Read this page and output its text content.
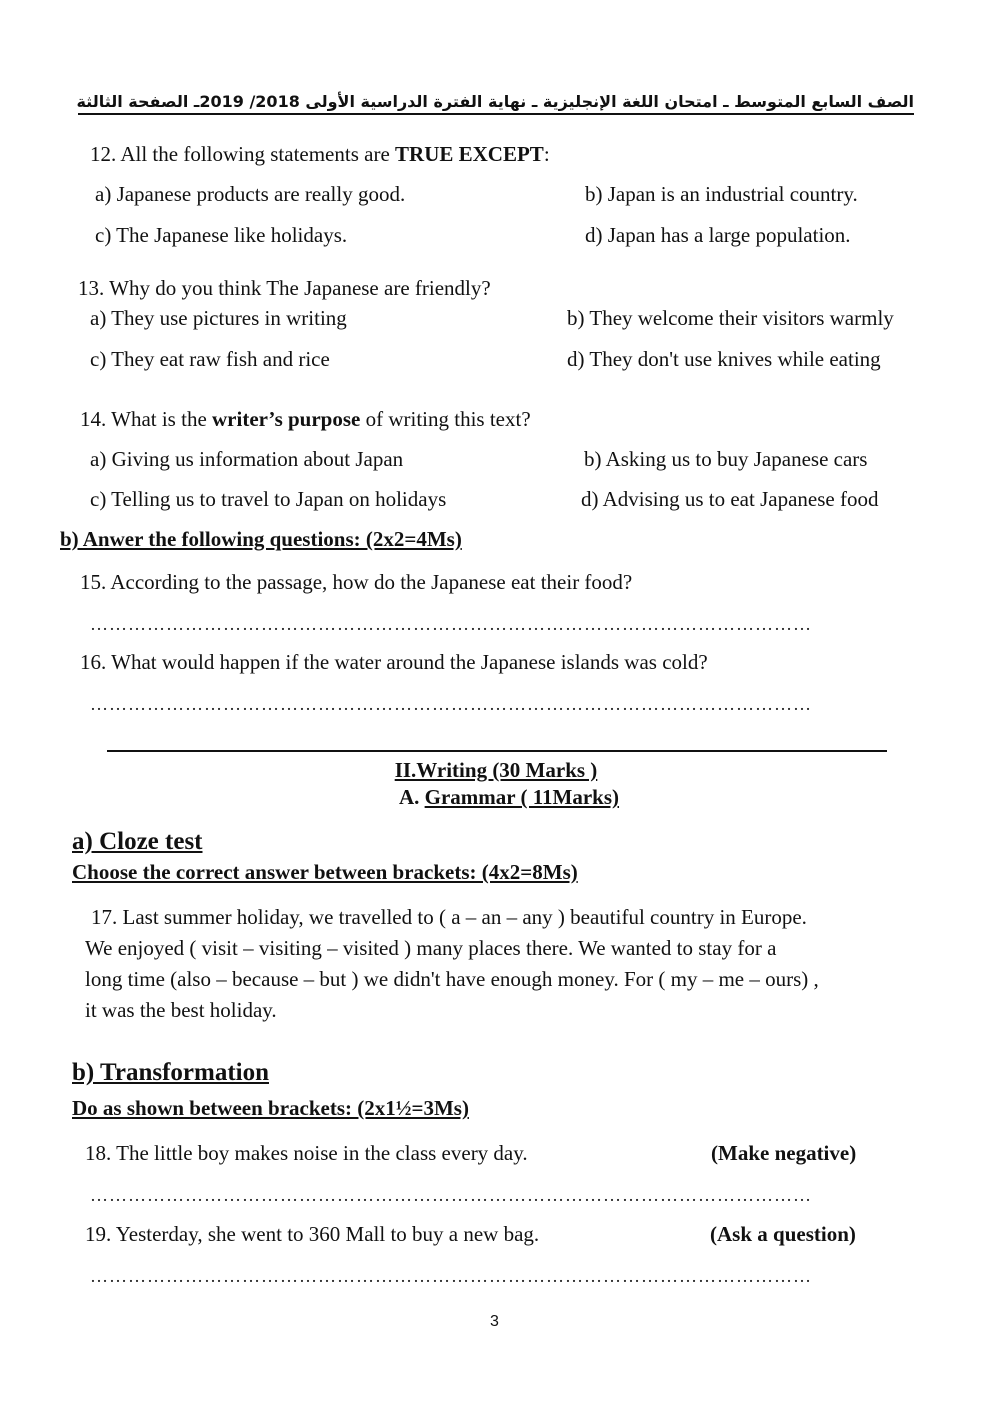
الصف السابع المتوسط ـ امتحان اللغة الإنجليزية ـ نهاية الفترة الدراسية الأولى 2018/ 2019ـ الصفحة الثالثة
12. All the following statements are TRUE EXCEPT:
a) Japanese products are really good.	b) Japan is an industrial country.
c) The Japanese like holidays.	d) Japan has a large population.
13. Why do you think The Japanese are friendly?
a) They use pictures in writing	b) They welcome their visitors warmly
c) They eat raw fish and rice	d) They don't use knives while eating
14. What is the writer’s purpose of writing this text?
a) Giving us information about Japan	b) Asking us to buy Japanese cars
c) Telling us to travel to Japan on holidays	d) Advising us to eat Japanese food
b) Anwer the following questions: (2x2=4Ms)
15. According to the passage, how do the Japanese eat their food?
……………………………………………………………………………………………………
16. What would happen if the water around the Japanese islands was cold?
……………………………………………………………………………………………………
II.Writing (30 Marks )
A. Grammar ( 11Marks)
a) Cloze test
Choose the correct answer between brackets: (4x2=8Ms)
17. Last summer holiday, we travelled to ( a – an – any ) beautiful country in Europe.
We enjoyed ( visit – visiting – visited ) many places there. We wanted to stay for a
long time (also – because – but ) we didn't have enough money. For ( my – me – ours) ,
it was the best holiday.
b) Transformation
Do as shown between brackets: (2x1½=3Ms)
18. The little boy makes noise in the class every day.	(Make negative)
……………………………………………………………………………………………………
19. Yesterday, she went to 360 Mall to buy a new bag.	(Ask a question)
……………………………………………………………………………………………………
3
